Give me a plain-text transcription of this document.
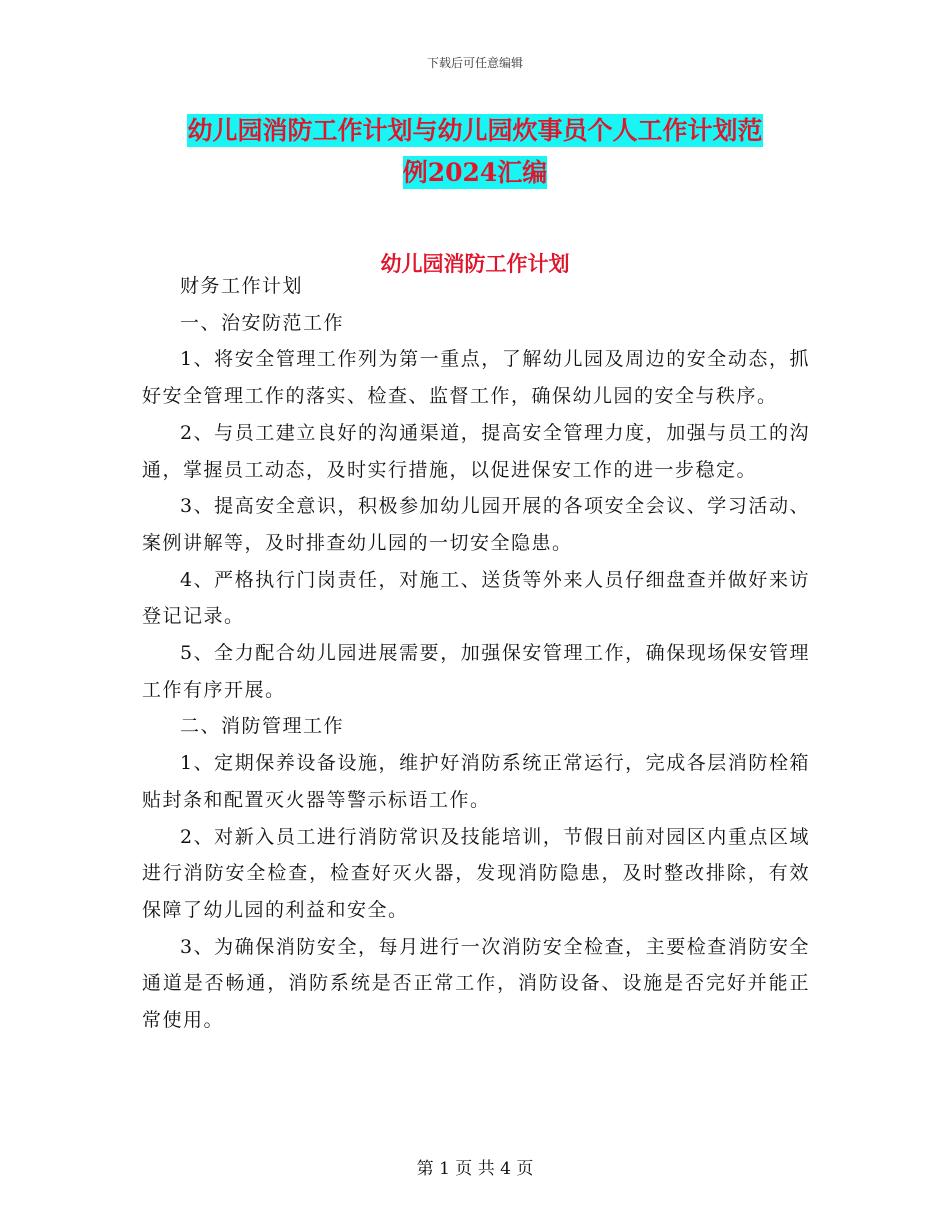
下载后可任意编辑
幼儿园消防工作计划与幼儿园炊事员个人工作计划范
例2024汇编
幼儿园消防工作计划

财务工作计划

一、治安防范工作

1、将安全管理工作列为第一重点，了解幼儿园及周边的安全动态，抓好安全管理工作的落实、检查、监督工作，确保幼儿园的安全与秩序。

2、与员工建立良好的沟通渠道，提高安全管理力度，加强与员工的沟通，掌握员工动态，及时实行措施，以促进保安工作的进一步稳定。

3、提高安全意识，积极参加幼儿园开展的各项安全会议、学习活动、案例讲解等，及时排查幼儿园的一切安全隐患。

4、严格执行门岗责任，对施工、送货等外来人员仔细盘查并做好来访登记记录。

5、全力配合幼儿园进展需要，加强保安管理工作，确保现场保安管理工作有序开展。

二、消防管理工作

1、定期保养设备设施，维护好消防系统正常运行，完成各层消防栓箱贴封条和配置灭火器等警示标语工作。

2、对新入员工进行消防常识及技能培训，节假日前对园区内重点区域进行消防安全检查，检查好灭火器，发现消防隐患，及时整改排除，有效保障了幼儿园的利益和安全。

3、为确保消防安全，每月进行一次消防安全检查，主要检查消防安全通道是否畅通，消防系统是否正常工作，消防设备、设施是否完好并能正常使用。

第 1 页 共 4 页
